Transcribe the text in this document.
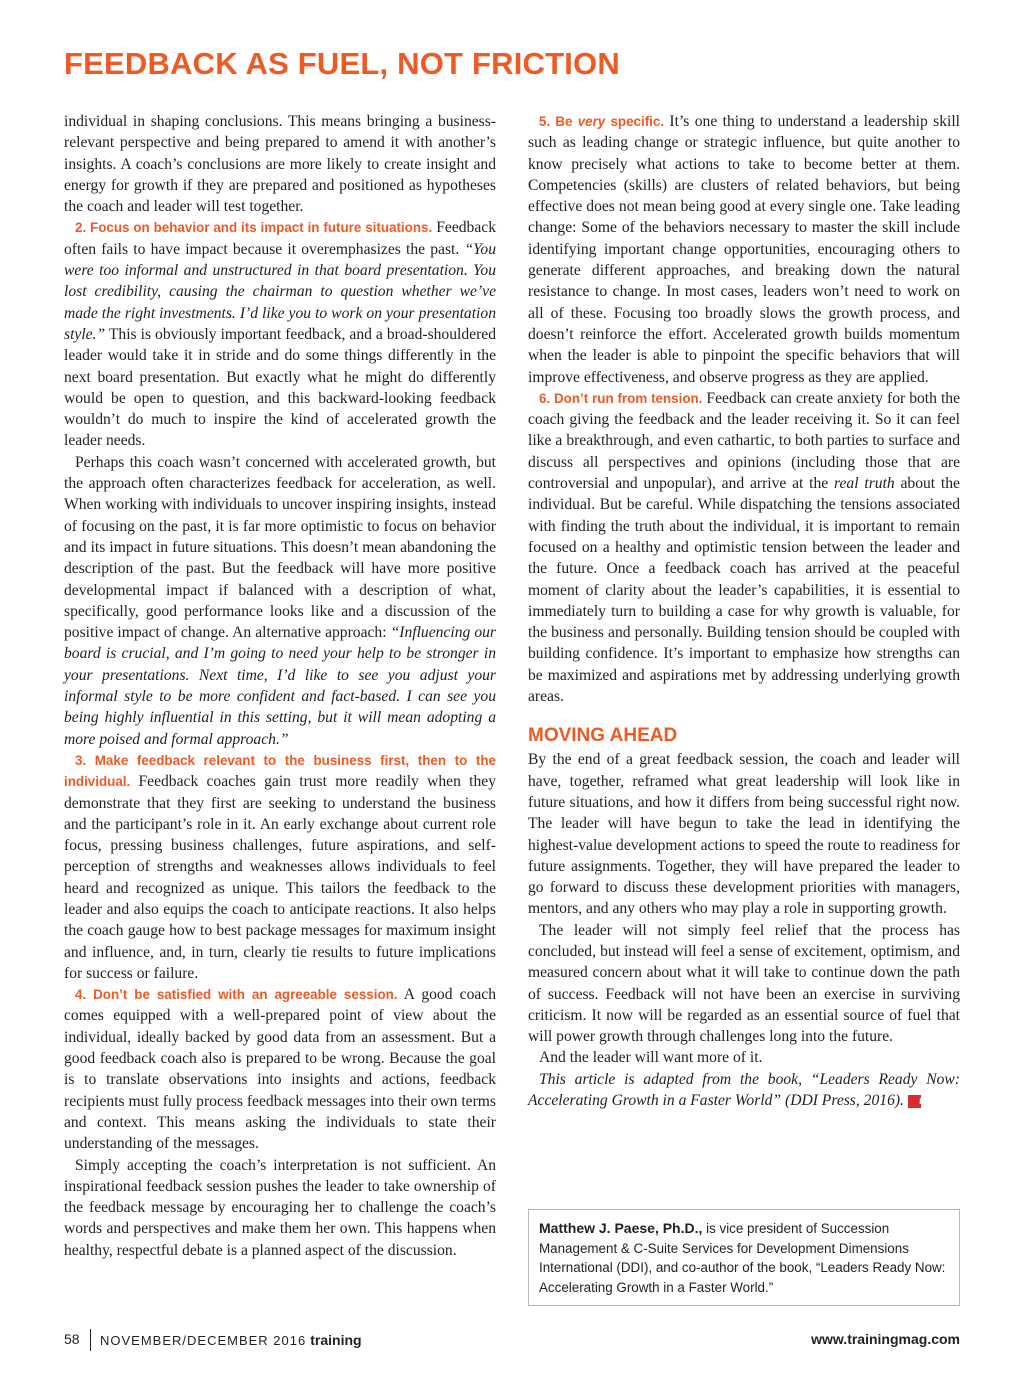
FEEDBACK AS FUEL, NOT FRICTION

individual in shaping conclusions. This means bringing a business-relevant perspective and being prepared to amend it with another’s insights. A coach’s conclusions are more likely to create insight and energy for growth if they are prepared and positioned as hypotheses the coach and leader will test together.

2. Focus on behavior and its impact in future situations. Feedback often fails to have impact because it overemphasizes the past. “You were too informal and unstructured in that board presentation. You lost credibility, causing the chairman to question whether we’ve made the right investments. I’d like you to work on your presentation style.” This is obviously important feedback, and a broad-shouldered leader would take it in stride and do some things differently in the next board presentation. But exactly what he might do differently would be open to question, and this backward-looking feedback wouldn’t do much to inspire the kind of accelerated growth the leader needs.

Perhaps this coach wasn’t concerned with accelerated growth, but the approach often characterizes feedback for acceleration, as well. When working with individuals to uncover inspiring insights, instead of focusing on the past, it is far more optimistic to focus on behavior and its impact in future situations. This doesn’t mean abandoning the description of the past. But the feedback will have more positive developmental impact if balanced with a description of what, specifically, good performance looks like and a discussion of the positive impact of change. An alternative approach: “Influencing our board is crucial, and I’m going to need your help to be stronger in your presentations. Next time, I’d like to see you adjust your informal style to be more confident and fact-based. I can see you being highly influential in this setting, but it will mean adopting a more poised and formal approach.”

3. Make feedback relevant to the business first, then to the individual. Feedback coaches gain trust more readily when they demonstrate that they first are seeking to understand the business and the participant’s role in it. An early exchange about current role focus, pressing business challenges, future aspirations, and self-perception of strengths and weaknesses allows individuals to feel heard and recognized as unique. This tailors the feedback to the leader and also equips the coach to anticipate reactions. It also helps the coach gauge how to best package messages for maximum insight and influence, and, in turn, clearly tie results to future implications for success or failure.

4. Don’t be satisfied with an agreeable session. A good coach comes equipped with a well-prepared point of view about the individual, ideally backed by good data from an assessment. But a good feedback coach also is prepared to be wrong. Because the goal is to translate observations into insights and actions, feedback recipients must fully process feedback messages into their own terms and context. This means asking the individuals to state their understanding of the messages.

Simply accepting the coach’s interpretation is not sufficient. An inspirational feedback session pushes the leader to take ownership of the feedback message by encouraging her to challenge the coach’s words and perspectives and make them her own. This happens when healthy, respectful debate is a planned aspect of the discussion.

5. Be very specific. It’s one thing to understand a leadership skill such as leading change or strategic influence, but quite another to know precisely what actions to take to become better at them. Competencies (skills) are clusters of related behaviors, but being effective does not mean being good at every single one. Take leading change: Some of the behaviors necessary to master the skill include identifying important change opportunities, encouraging others to generate different approaches, and breaking down the natural resistance to change. In most cases, leaders won’t need to work on all of these. Focusing too broadly slows the growth process, and doesn’t reinforce the effort. Accelerated growth builds momentum when the leader is able to pinpoint the specific behaviors that will improve effectiveness, and observe progress as they are applied.

6. Don’t run from tension. Feedback can create anxiety for both the coach giving the feedback and the leader receiving it. So it can feel like a breakthrough, and even cathartic, to both parties to surface and discuss all perspectives and opinions (including those that are controversial and unpopular), and arrive at the real truth about the individual. But be careful. While dispatching the tensions associated with finding the truth about the individual, it is important to remain focused on a healthy and optimistic tension between the leader and the future. Once a feedback coach has arrived at the peaceful moment of clarity about the leader’s capabilities, it is essential to immediately turn to building a case for why growth is valuable, for the business and personally. Building tension should be coupled with building confidence. It’s important to emphasize how strengths can be maximized and aspirations met by addressing underlying growth areas.

MOVING AHEAD

By the end of a great feedback session, the coach and leader will have, together, reframed what great leadership will look like in future situations, and how it differs from being successful right now. The leader will have begun to take the lead in identifying the highest-value development actions to speed the route to readiness for future assignments. Together, they will have prepared the leader to go forward to discuss these development priorities with managers, mentors, and any others who may play a role in supporting growth.

The leader will not simply feel relief that the process has concluded, but instead will feel a sense of excitement, optimism, and measured concern about what it will take to continue down the path of success. Feedback will not have been an exercise in surviving criticism. It now will be regarded as an essential source of fuel that will power growth through challenges long into the future.

And the leader will want more of it.

This article is adapted from the book, “Leaders Ready Now: Accelerating Growth in a Faster World” (DDI Press, 2016). t

Matthew J. Paese, Ph.D., is vice president of Succession Management & C-Suite Services for Development Dimensions International (DDI), and co-author of the book, “Leaders Ready Now: Accelerating Growth in a Faster World.”
58 NOVEMBER/DECEMBER 2016 training	www.trainingmag.com
